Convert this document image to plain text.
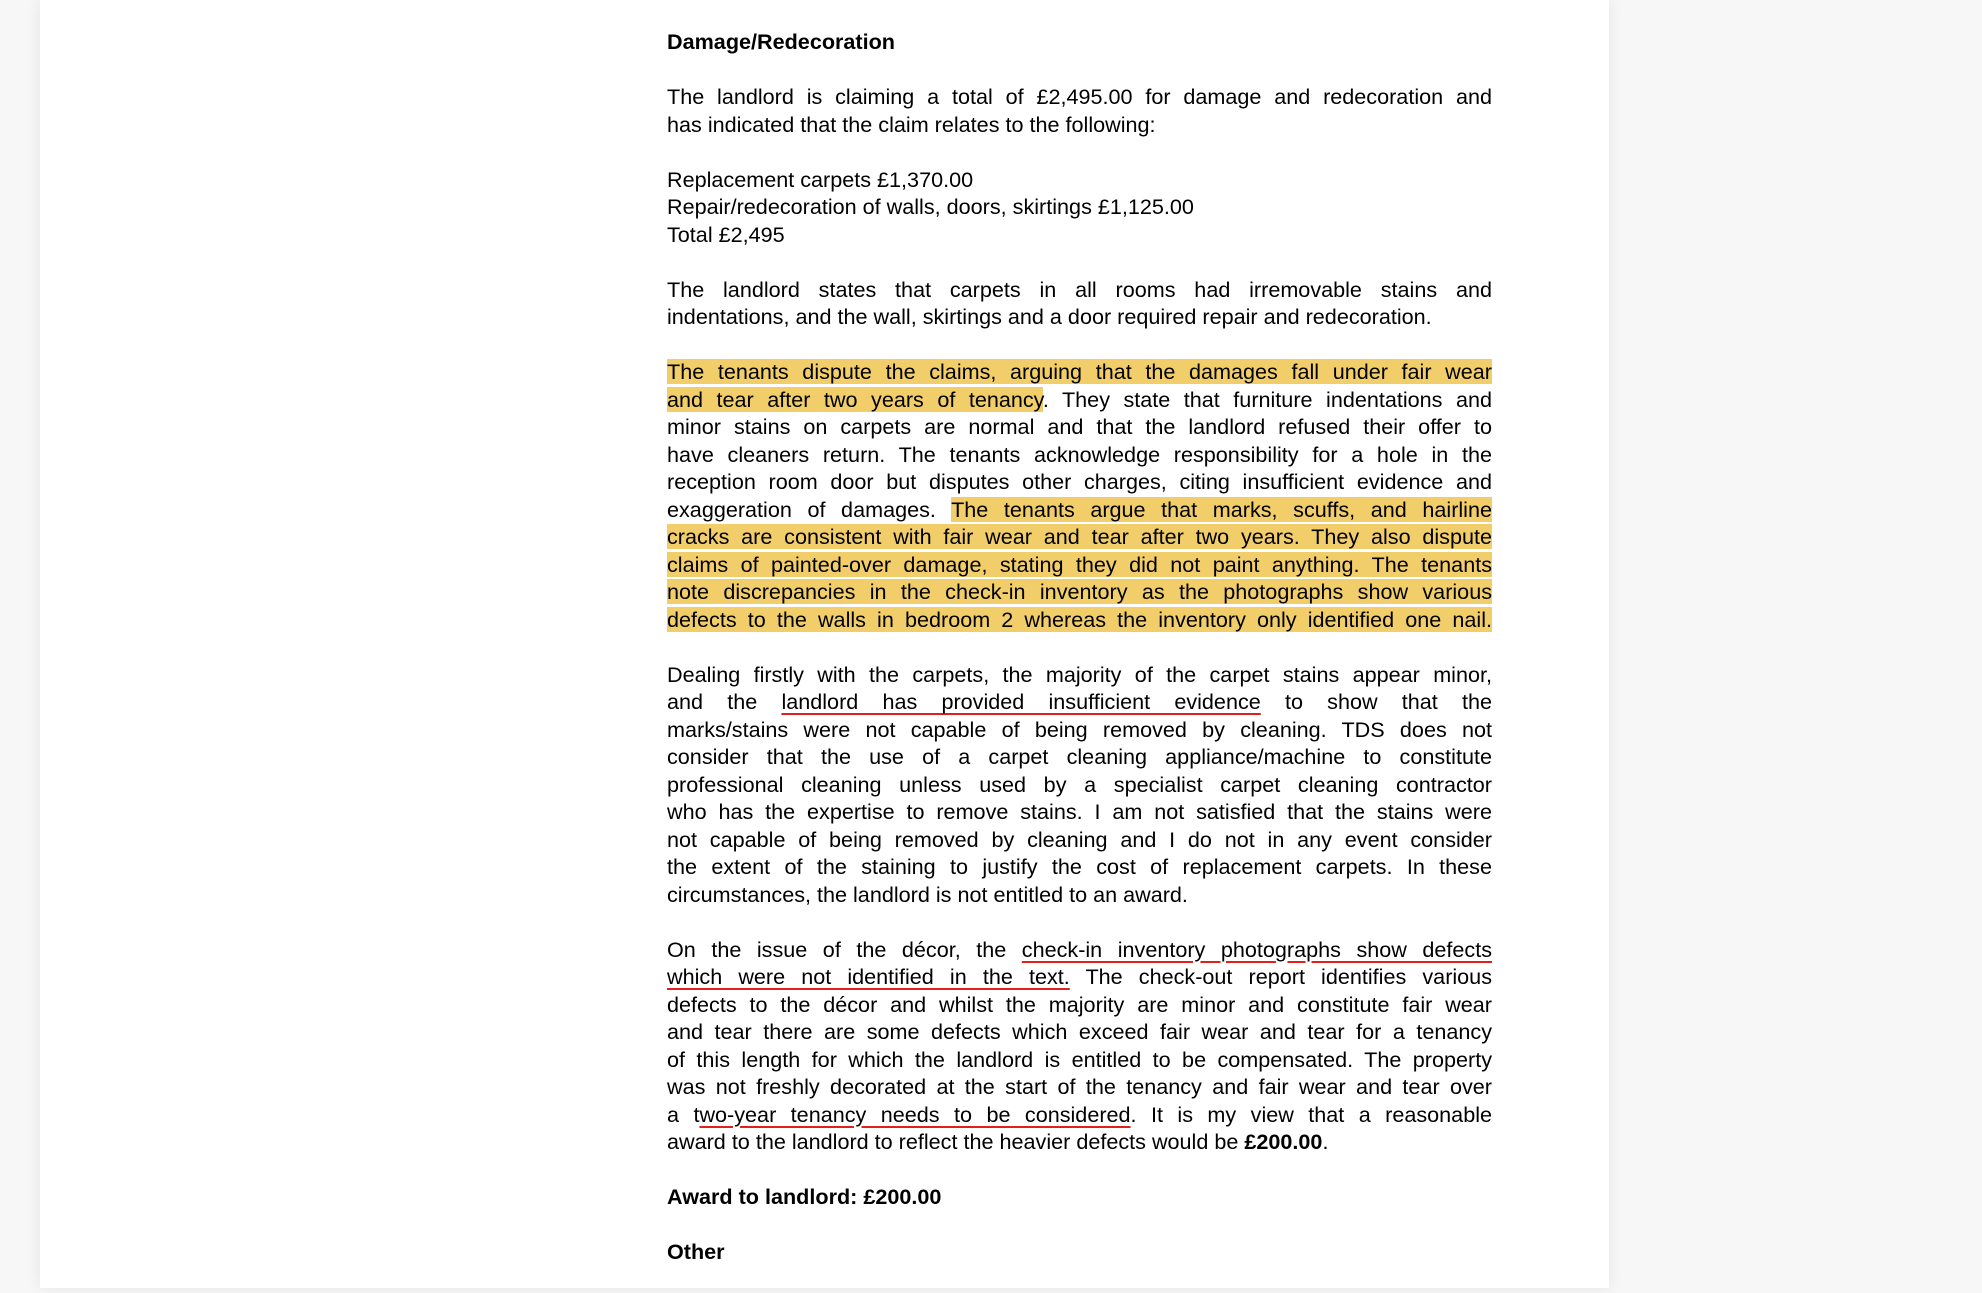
Damage/Redecoration
The landlord is claiming a total of £2,495.00 for damage and redecoration and
has indicated that the claim relates to the following:
Replacement carpets £1,370.00
Repair/redecoration of walls, doors, skirtings £1,125.00
Total £2,495
The landlord states that carpets in all rooms had irremovable stains and
indentations, and the wall, skirtings and a door required repair and redecoration.
The tenants dispute the claims, arguing that the damages fall under fair wear
and tear after two years of tenancy. They state that furniture indentations and
minor stains on carpets are normal and that the landlord refused their offer to
have cleaners return. The tenants acknowledge responsibility for a hole in the
reception room door but disputes other charges, citing insufficient evidence and
exaggeration of damages. The tenants argue that marks, scuffs, and hairline
cracks are consistent with fair wear and tear after two years. They also dispute
claims of painted-over damage, stating they did not paint anything. The tenants
note discrepancies in the check-in inventory as the photographs show various
defects to the walls in bedroom 2 whereas the inventory only identified one nail.
Dealing firstly with the carpets, the majority of the carpet stains appear minor,
and the landlord has provided insufficient evidence to show that the
marks/stains were not capable of being removed by cleaning. TDS does not
consider that the use of a carpet cleaning appliance/machine to constitute
professional cleaning unless used by a specialist carpet cleaning contractor
who has the expertise to remove stains. I am not satisfied that the stains were
not capable of being removed by cleaning and I do not in any event consider
the extent of the staining to justify the cost of replacement carpets. In these
circumstances, the landlord is not entitled to an award.
On the issue of the décor, the check-in inventory photographs show defects
which were not identified in the text. The check-out report identifies various
defects to the décor and whilst the majority are minor and constitute fair wear
and tear there are some defects which exceed fair wear and tear for a tenancy
of this length for which the landlord is entitled to be compensated. The property
was not freshly decorated at the start of the tenancy and fair wear and tear over
a two-year tenancy needs to be considered. It is my view that a reasonable
award to the landlord to reflect the heavier defects would be £200.00.
Award to landlord: £200.00
Other
